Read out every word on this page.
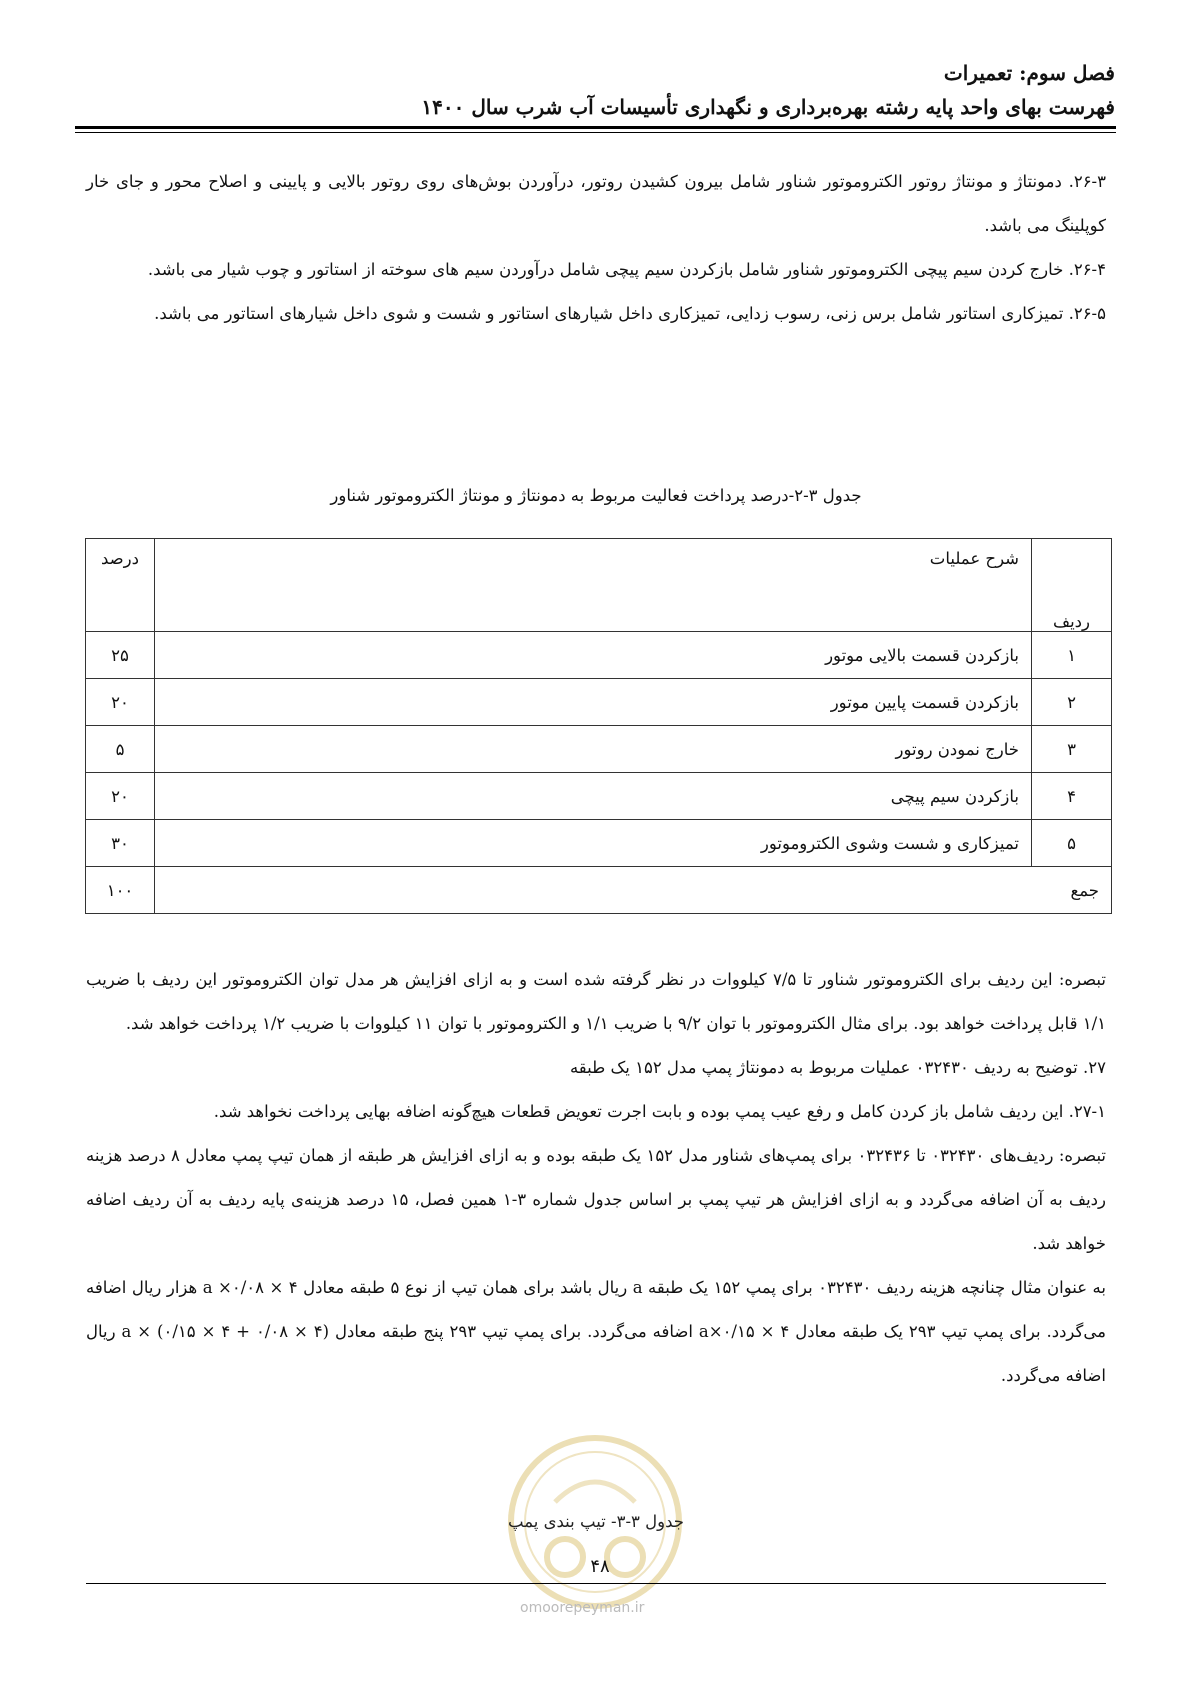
فصل سوم: تعمیرات
فهرست بهای واحد پایه رشته بهره‌برداری و نگهداری تأسیسات آب شرب سال ۱۴۰۰

۲۶-۳. دمونتاژ و مونتاژ روتور الکتروموتور شناور شامل بیرون کشیدن روتور، درآوردن بوش‌های روی روتور بالایی و پایینی و اصلاح محور و جای خار کوپلینگ می باشد.

۲۶-۴. خارج کردن سیم پیچی الکتروموتور شناور شامل بازکردن سیم پیچی شامل درآوردن سیم های سوخته از استاتور و چوب شیار می باشد.

۲۶-۵. تمیزکاری استاتور شامل برس زنی، رسوب زدایی، تمیزکاری داخل شیارهای استاتور و شست و شوی داخل شیارهای استاتور می باشد.

جدول ۳-۲-درصد پرداخت فعالیت مربوط به دمونتاژ و مونتاژ الکتروموتور شناور
ردیف	شرح عملیات	درصد

۱	بازکردن قسمت بالایی موتور	۲۵
۲	بازکردن قسمت پایین موتور	۲۰
۳	خارج نمودن روتور	۵
۴	بازکردن سیم پیچی	۲۰
۵	تمیزکاری و شست وشوی الکتروموتور	۳۰
جمع		۱۰۰

تبصره: این ردیف برای الکتروموتور شناور تا ۷/۵ کیلووات در نظر گرفته شده است و به ازای افزایش هر مدل توان الکتروموتور این ردیف با ضریب ۱/۱ قابل پرداخت خواهد بود. برای مثال الکتروموتور با توان ۹/۲ با ضریب ۱/۱ و الکتروموتور با توان ۱۱ کیلووات با ضریب ۱/۲ پرداخت خواهد شد.

۲۷. توضیح به ردیف ۰۳۲۴۳۰ عملیات مربوط به دمونتاژ پمپ مدل ۱۵۲ یک طبقه

۲۷-۱. این ردیف شامل باز کردن کامل و رفع عیب پمپ بوده و بابت اجرت تعویض قطعات هیچ‌گونه اضافه بهایی پرداخت نخواهد شد.

تبصره: ردیف‌های ۰۳۲۴۳۰ تا ۰۳۲۴۳۶ برای پمپ‌های شناور مدل ۱۵۲ یک طبقه بوده و به ازای افزایش هر طبقه از همان تیپ پمپ معادل ۸ درصد هزینه ردیف به آن اضافه می‌گردد و به ازای افزایش هر تیپ پمپ بر اساس جدول شماره ۳-۱ همین فصل، ۱۵ درصد هزینه‌ی پایه ردیف به آن ردیف اضافه خواهد شد.

به عنوان مثال چنانچه هزینه ردیف ۰۳۲۴۳۰ برای پمپ ۱۵۲ یک طبقه a ریال باشد برای همان تیپ از نوع ۵ طبقه معادل ۴ × ۰/۰۸× a هزار ریال اضافه می‌گردد. برای پمپ تیپ ۲۹۳ یک طبقه معادل ۴ × a×۰/۱۵ اضافه می‌گردد. برای پمپ تیپ ۲۹۳ پنج طبقه معادل (۴ × ۰/۰۸ + ۴ × ۰/۱۵) × a ریال اضافه می‌گردد.

جدول ۳-۳- تیپ بندی پمپ
۴۸
omoorepeyman.ir
